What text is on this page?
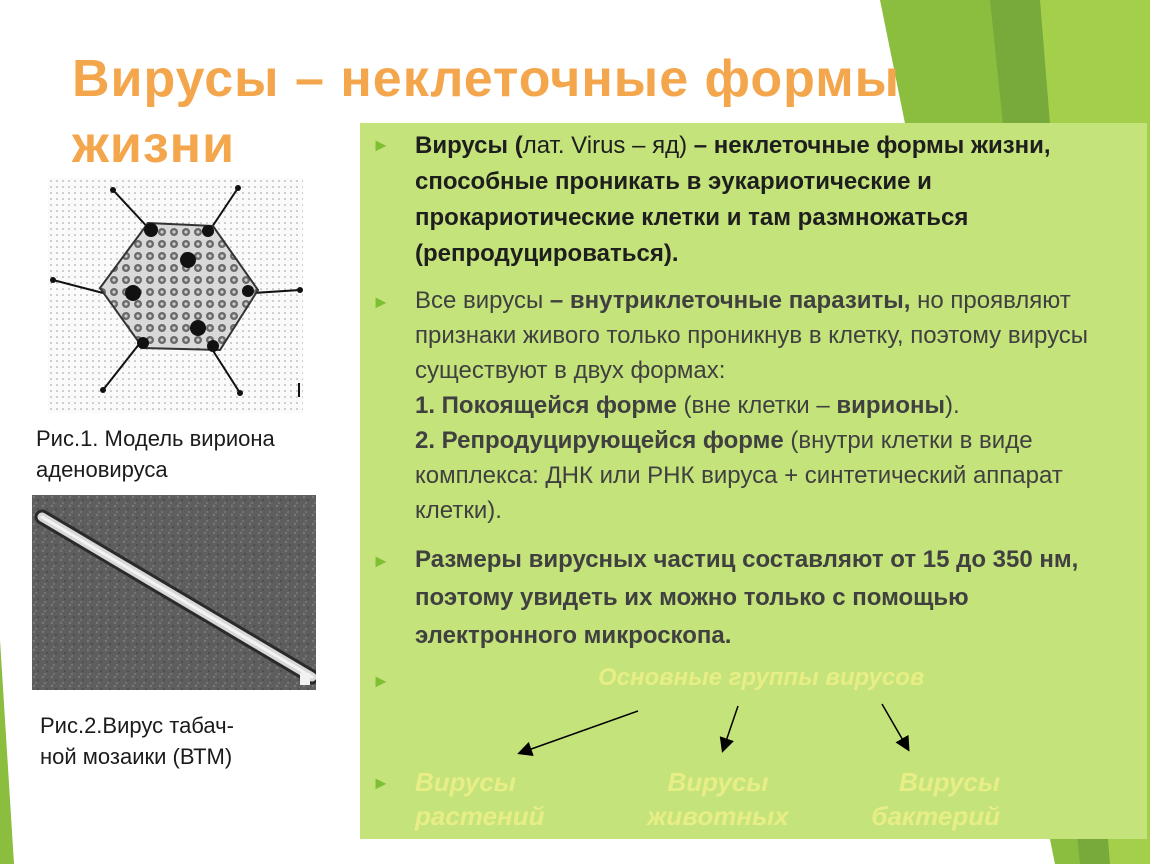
Вирусы – неклеточные формы жизни	► Вирусы (лат. Virus – яд) – неклеточные формы жизни, способные проникать в эукариотические и прокариотические клетки и там размножаться (репродуцироваться).
► Все вирусы – внутриклеточные паразиты, но проявляют признаки живого только проникнув в клетку, поэтому вирусы существуют в двух формах:
1. Покоящейся форме (вне клетки – вирионы).
2. Репродуцирующейся форме (внутри клетки в виде комплекса: ДНК или РНК вируса + синтетический аппарат клетки).
► Размеры вирусных частиц составляют от 15 до 350 нм, поэтому увидеть их можно только с помощью электронного микроскопа.
►	Основные группы вирусов
► Вирусы
растений
Вирусы
животных
Вирусы
бактерий
Рис.1. Модель вириона аденовируса
Рис.2.Вирус табач-
ной мозаики (ВТМ)
